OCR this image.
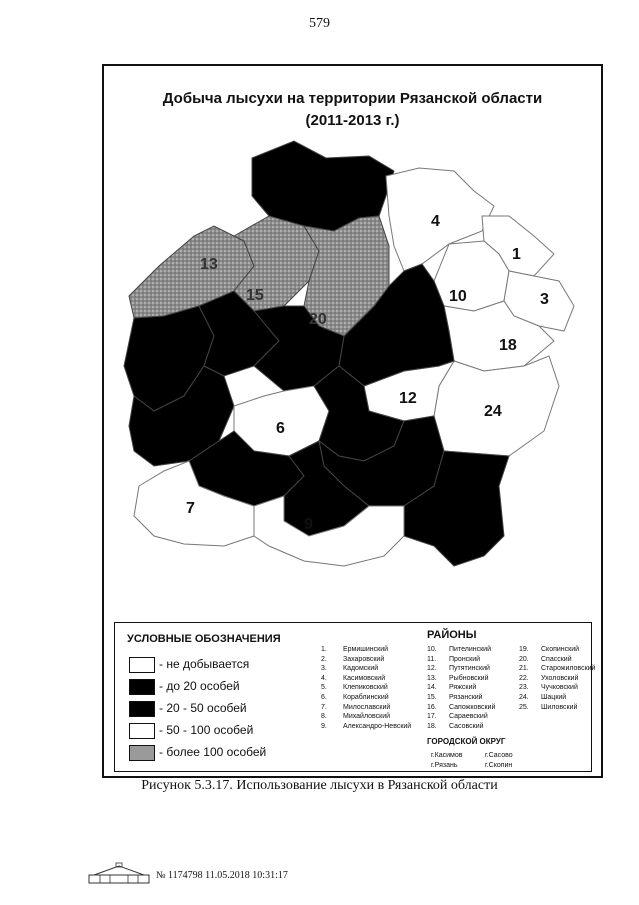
579
Добыча лысухи на территории Рязанской области
(2011-2013 г.)
4
1
10	3
18
12
24
6
7
9
13
15
20
УСЛОВНЫЕ ОБОЗНАЧЕНИЯ
- не добывается
- до 20 особей
- 20 - 50 особей
- 50 - 100 особей
- более 100 особей
РАЙОНЫ
1. Ермишинский
2. Захаровский
3. Кадомский
4. Касимовский
5. Клепиковский
6. Кораблинский
7. Милославский
8. Михайловский
9. Александро-Невский
10. Пителинский
11. Пронский
12. Путятинский
13. Рыбновский
14. Ряжский
15. Рязанский
16. Сапожковский
17. Сараевский
18. Сасовский
19. Скопинский
20. Спасский
21. Старожиловский
22. Ухоловский
23. Чучковский
24. Шацкий
25. Шиловский
ГОРОДСКОЙ ОКРУГ
г.Касимов	г.Сасово
г.Рязань	г.Скопин
Рисунок 5.3.17. Использование лысухи в Рязанской области
№ 1174798 11.05.2018 10:31:17
